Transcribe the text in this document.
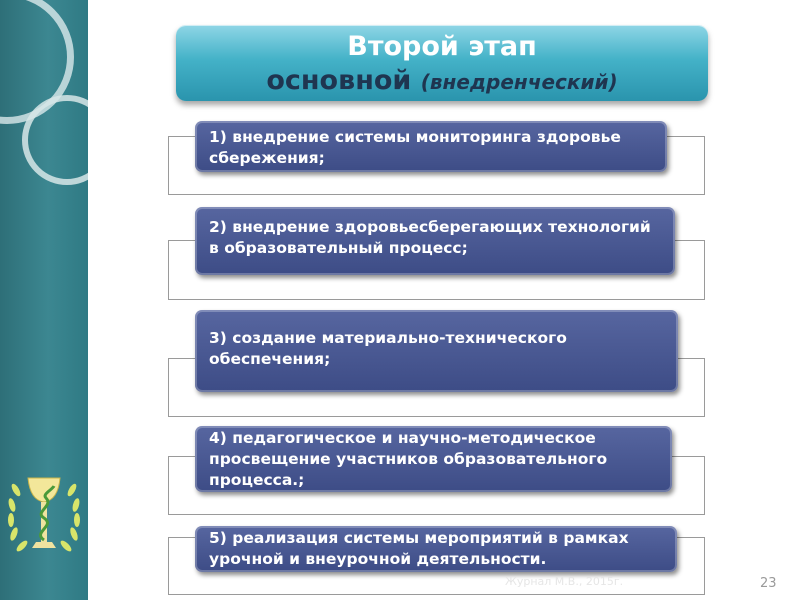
Второй этап
основной (внедренческий)
1) внедрение системы мониторинга здоровье сбережения;
2) внедрение здоровьесберегающих технологий в образовательный процесс;
3) создание материально-технического обеспечения;
4) педагогическое и научно-методическое просвещение участников образовательного процесса.;
5) реализация системы мероприятий в рамках урочной и внеурочной деятельности.
Журнал М.В., 2015г.	23
